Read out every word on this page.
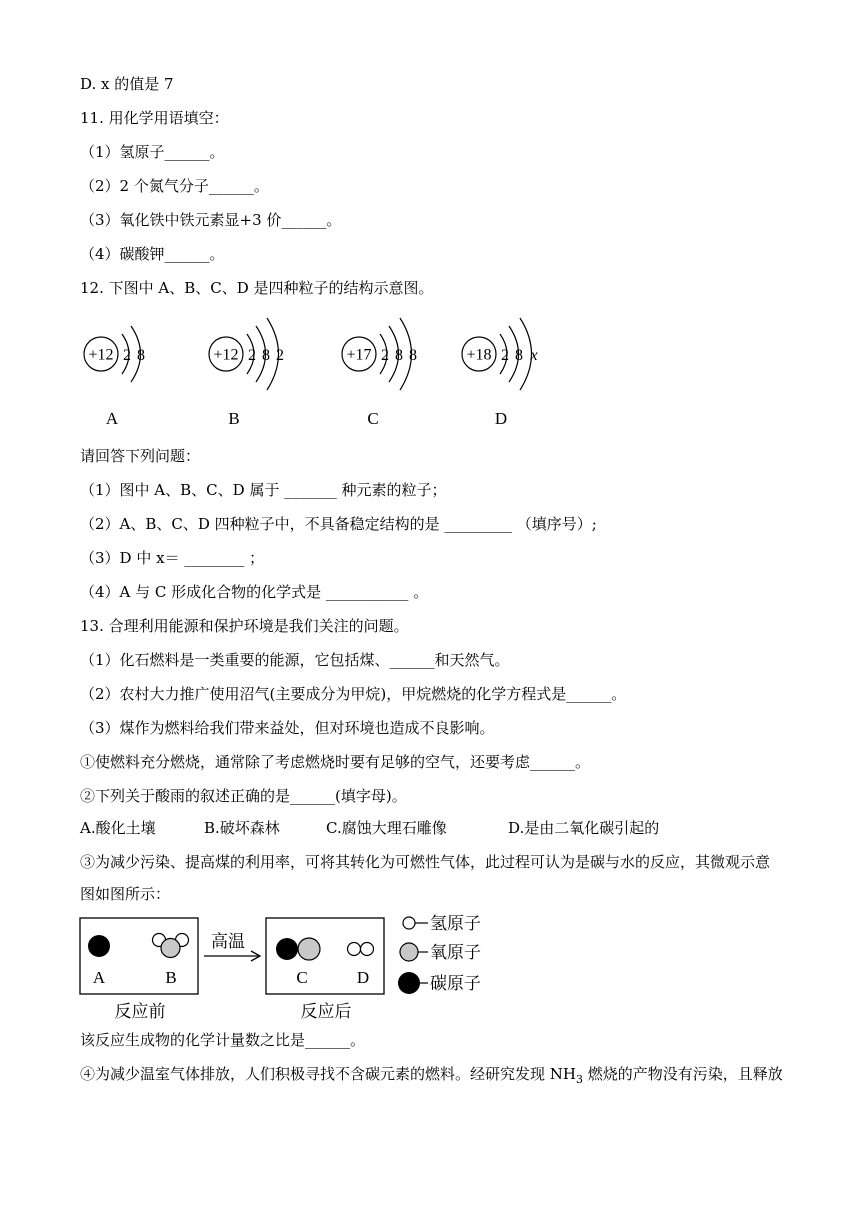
D. x 的值是 7
11. 用化学用语填空：
（1）氢原子______。
（2）2 个氮气分子______。
（3）氧化铁中铁元素显+3 价______。
（4）碳酸钾______。
12. 下图中 A、B、C、D 是四种粒子的结构示意图。
+12 2 8
A
+12 2 8 2
B
+17 2 8 8
C
+18 2 8 x
D
请回答下列问题：
（1）图中 A、B、C、D 属于 _______ 种元素的粒子；
（2）A、B、C、D 四种粒子中，不具备稳定结构的是 _________ （填序号）;
（3）D 中 x＝ ________ ；
（4）A 与 C 形成化合物的化学式是 ___________ 。
13. 合理利用能源和保护环境是我们关注的问题。
（1）化石燃料是一类重要的能源，它包括煤、______和天然气。
（2）农村大力推广使用沼气(主要成分为甲烷)，甲烷燃烧的化学方程式是______。
（3）煤作为燃料给我们带来益处，但对环境也造成不良影响。
①使燃料充分燃烧，通常除了考虑燃烧时要有足够的空气，还要考虑______。
②下列关于酸雨的叙述正确的是______(填字母)。
A.酸化土壤	B.破坏森林	C.腐蚀大理石雕像	D.是由二氧化碳引起的
③为减少污染、提高煤的利用率，可将其转化为可燃性气体，此过程可认为是碳与水的反应，其微观示意
图如图所示：
A	B
高温
C	D
反应前	反应后
氢原子
氧原子
碳原子
该反应生成物的化学计量数之比是______。
④为减少温室气体排放，人们积极寻找不含碳元素的燃料。经研究发现 $NH_3$ 燃烧的产物没有污染，且释放
